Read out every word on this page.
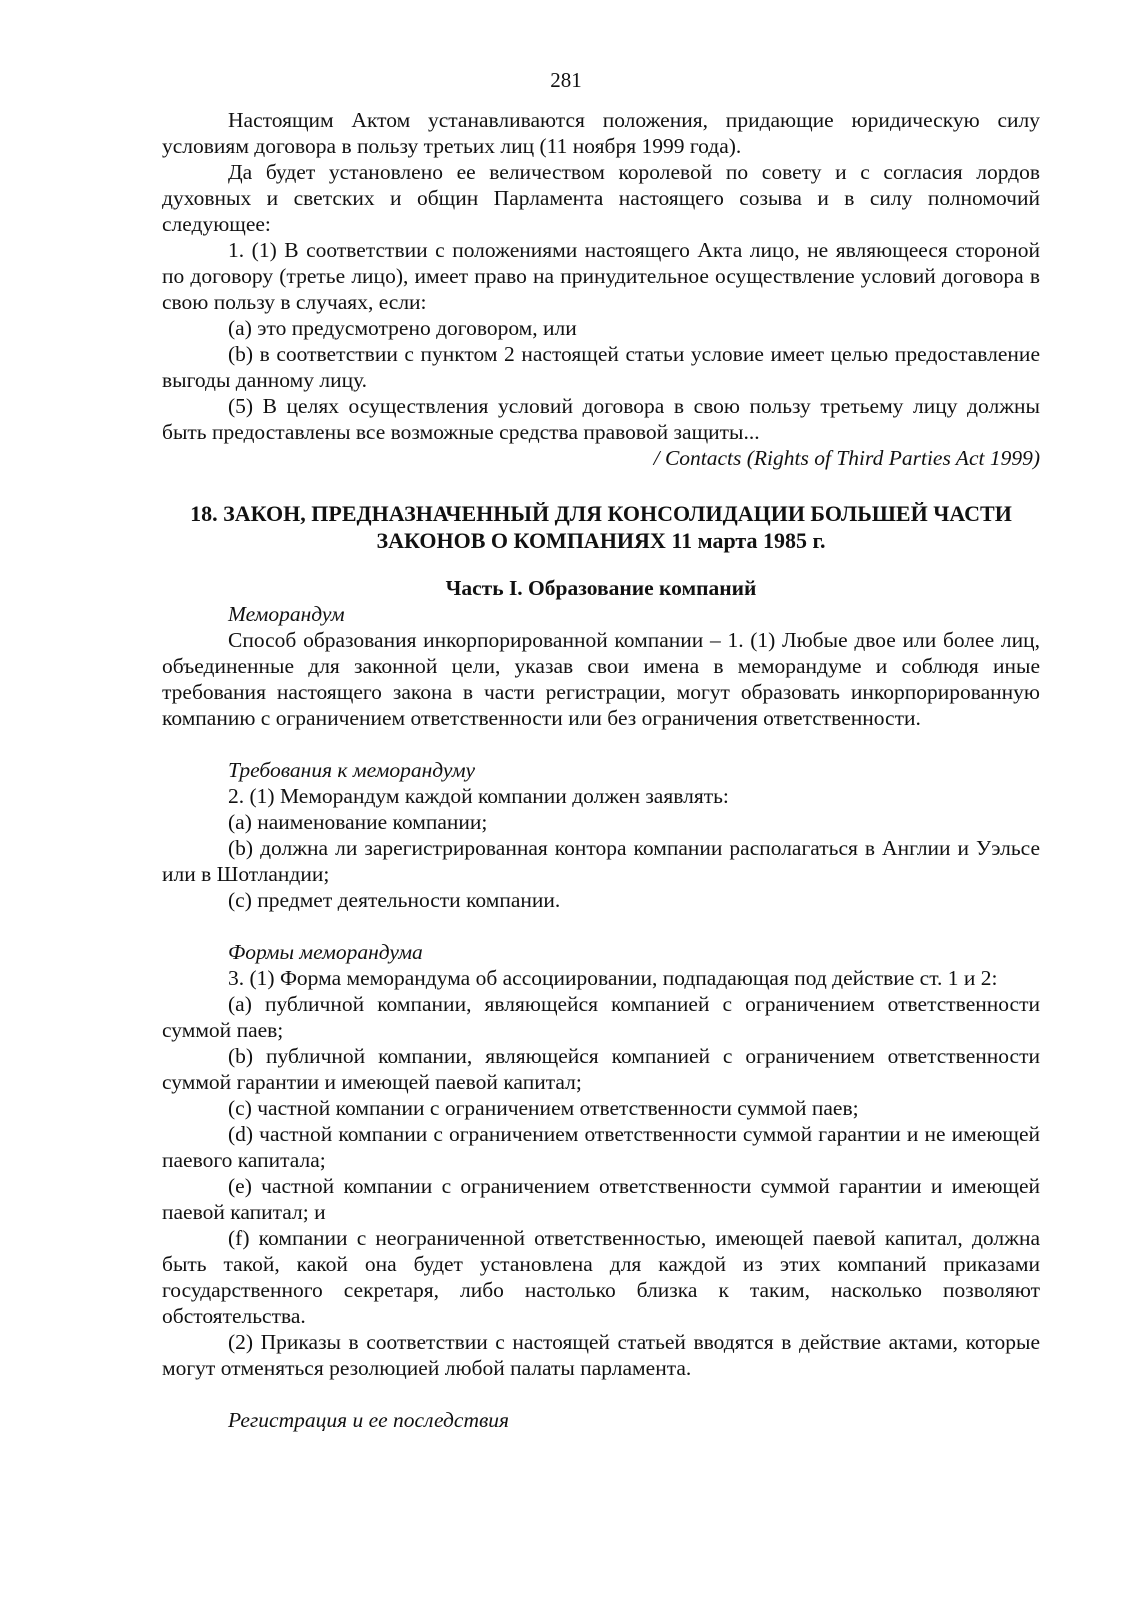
281

Настоящим Актом устанавливаются положения, придающие юридическую силу условиям договора в пользу третьих лиц (11 ноября 1999 года).

Да будет установлено ее величеством королевой по совету и с согласия лордов духовных и светских и общин Парламента настоящего созыва и в силу полномочий следующее:

1. (1) В соответствии с положениями настоящего Акта лицо, не являющееся стороной по договору (третье лицо), имеет право на принудительное осуществление условий договора в свою пользу в случаях, если:

(a) это предусмотрено договором, или

(b) в соответствии с пунктом 2 настоящей статьи условие имеет целью предоставление выгоды данному лицу.

(5) В целях осуществления условий договора в свою пользу третьему лицу должны быть предоставлены все возможные средства правовой защиты...

/ Contacts (Rights of Third Parties Act 1999)

18. ЗАКОН, ПРЕДНАЗНАЧЕННЫЙ ДЛЯ КОНСОЛИДАЦИИ БОЛЬШЕЙ ЧАСТИ
ЗАКОНОВ О КОМПАНИЯХ 11 марта 1985 г.
Часть I. Образование компаний

Меморандум

Способ образования инкорпорированной компании – 1. (1) Любые двое или более лиц, объединенные для законной цели, указав свои имена в меморандуме и соблюдя иные требования настоящего закона в части регистрации, могут образовать инкорпорированную компанию с ограничением ответственности или без ограничения ответственности.

Требования к меморандуму

2. (1) Меморандум каждой компании должен заявлять:

(a) наименование компании;

(b) должна ли зарегистрированная контора компании располагаться в Англии и Уэльсе или в Шотландии;

(c) предмет деятельности компании.

Формы меморандума

3. (1) Форма меморандума об ассоциировании, подпадающая под действие ст. 1 и 2:

(a) публичной компании, являющейся компанией с ограничением ответственности суммой паев;

(b) публичной компании, являющейся компанией с ограничением ответственности суммой гарантии и имеющей паевой капитал;

(c) частной компании с ограничением ответственности суммой паев;

(d) частной компании с ограничением ответственности суммой гарантии и не имеющей паевого капитала;

(e) частной компании с ограничением ответственности суммой гарантии и имеющей паевой капитал; и

(f) компании с неограниченной ответственностью, имеющей паевой капитал, должна быть такой, какой она будет установлена для каждой из этих компаний приказами государственного секретаря, либо настолько близка к таким, насколько позволяют обстоятельства.

(2) Приказы в соответствии с настоящей статьей вводятся в действие актами, которые могут отменяться резолюцией любой палаты парламента.

Регистрация и ее последствия
